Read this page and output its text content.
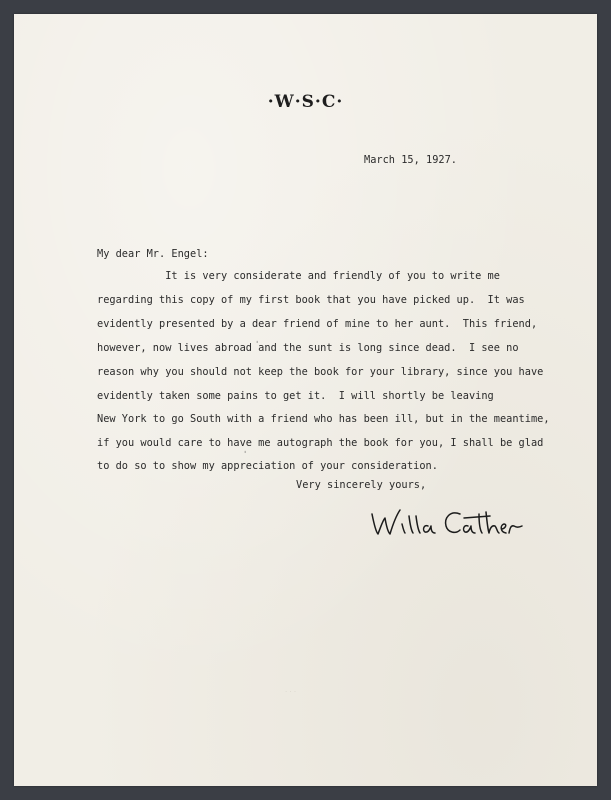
·W·S·C·
March 15, 1927.
My dear Mr. Engel:
It is very considerate and friendly of you to write me
regarding this copy of my first book that you have picked up.  It was
evidently presented by a dear friend of mine to her aunt.  This friend,
however, now lives abroad and the sunt is long since dead.  I see no
reason why you should not keep the book for your library, since you have
evidently taken some pains to get it.  I will shortly be leaving
New York to go South with a friend who has been ill, but in the meantime,
if you would care to have me autograph the book for you, I shall be glad
to do so to show my appreciation of your consideration.
ˌ
ˈ
Very sincerely yours,
· · ·
